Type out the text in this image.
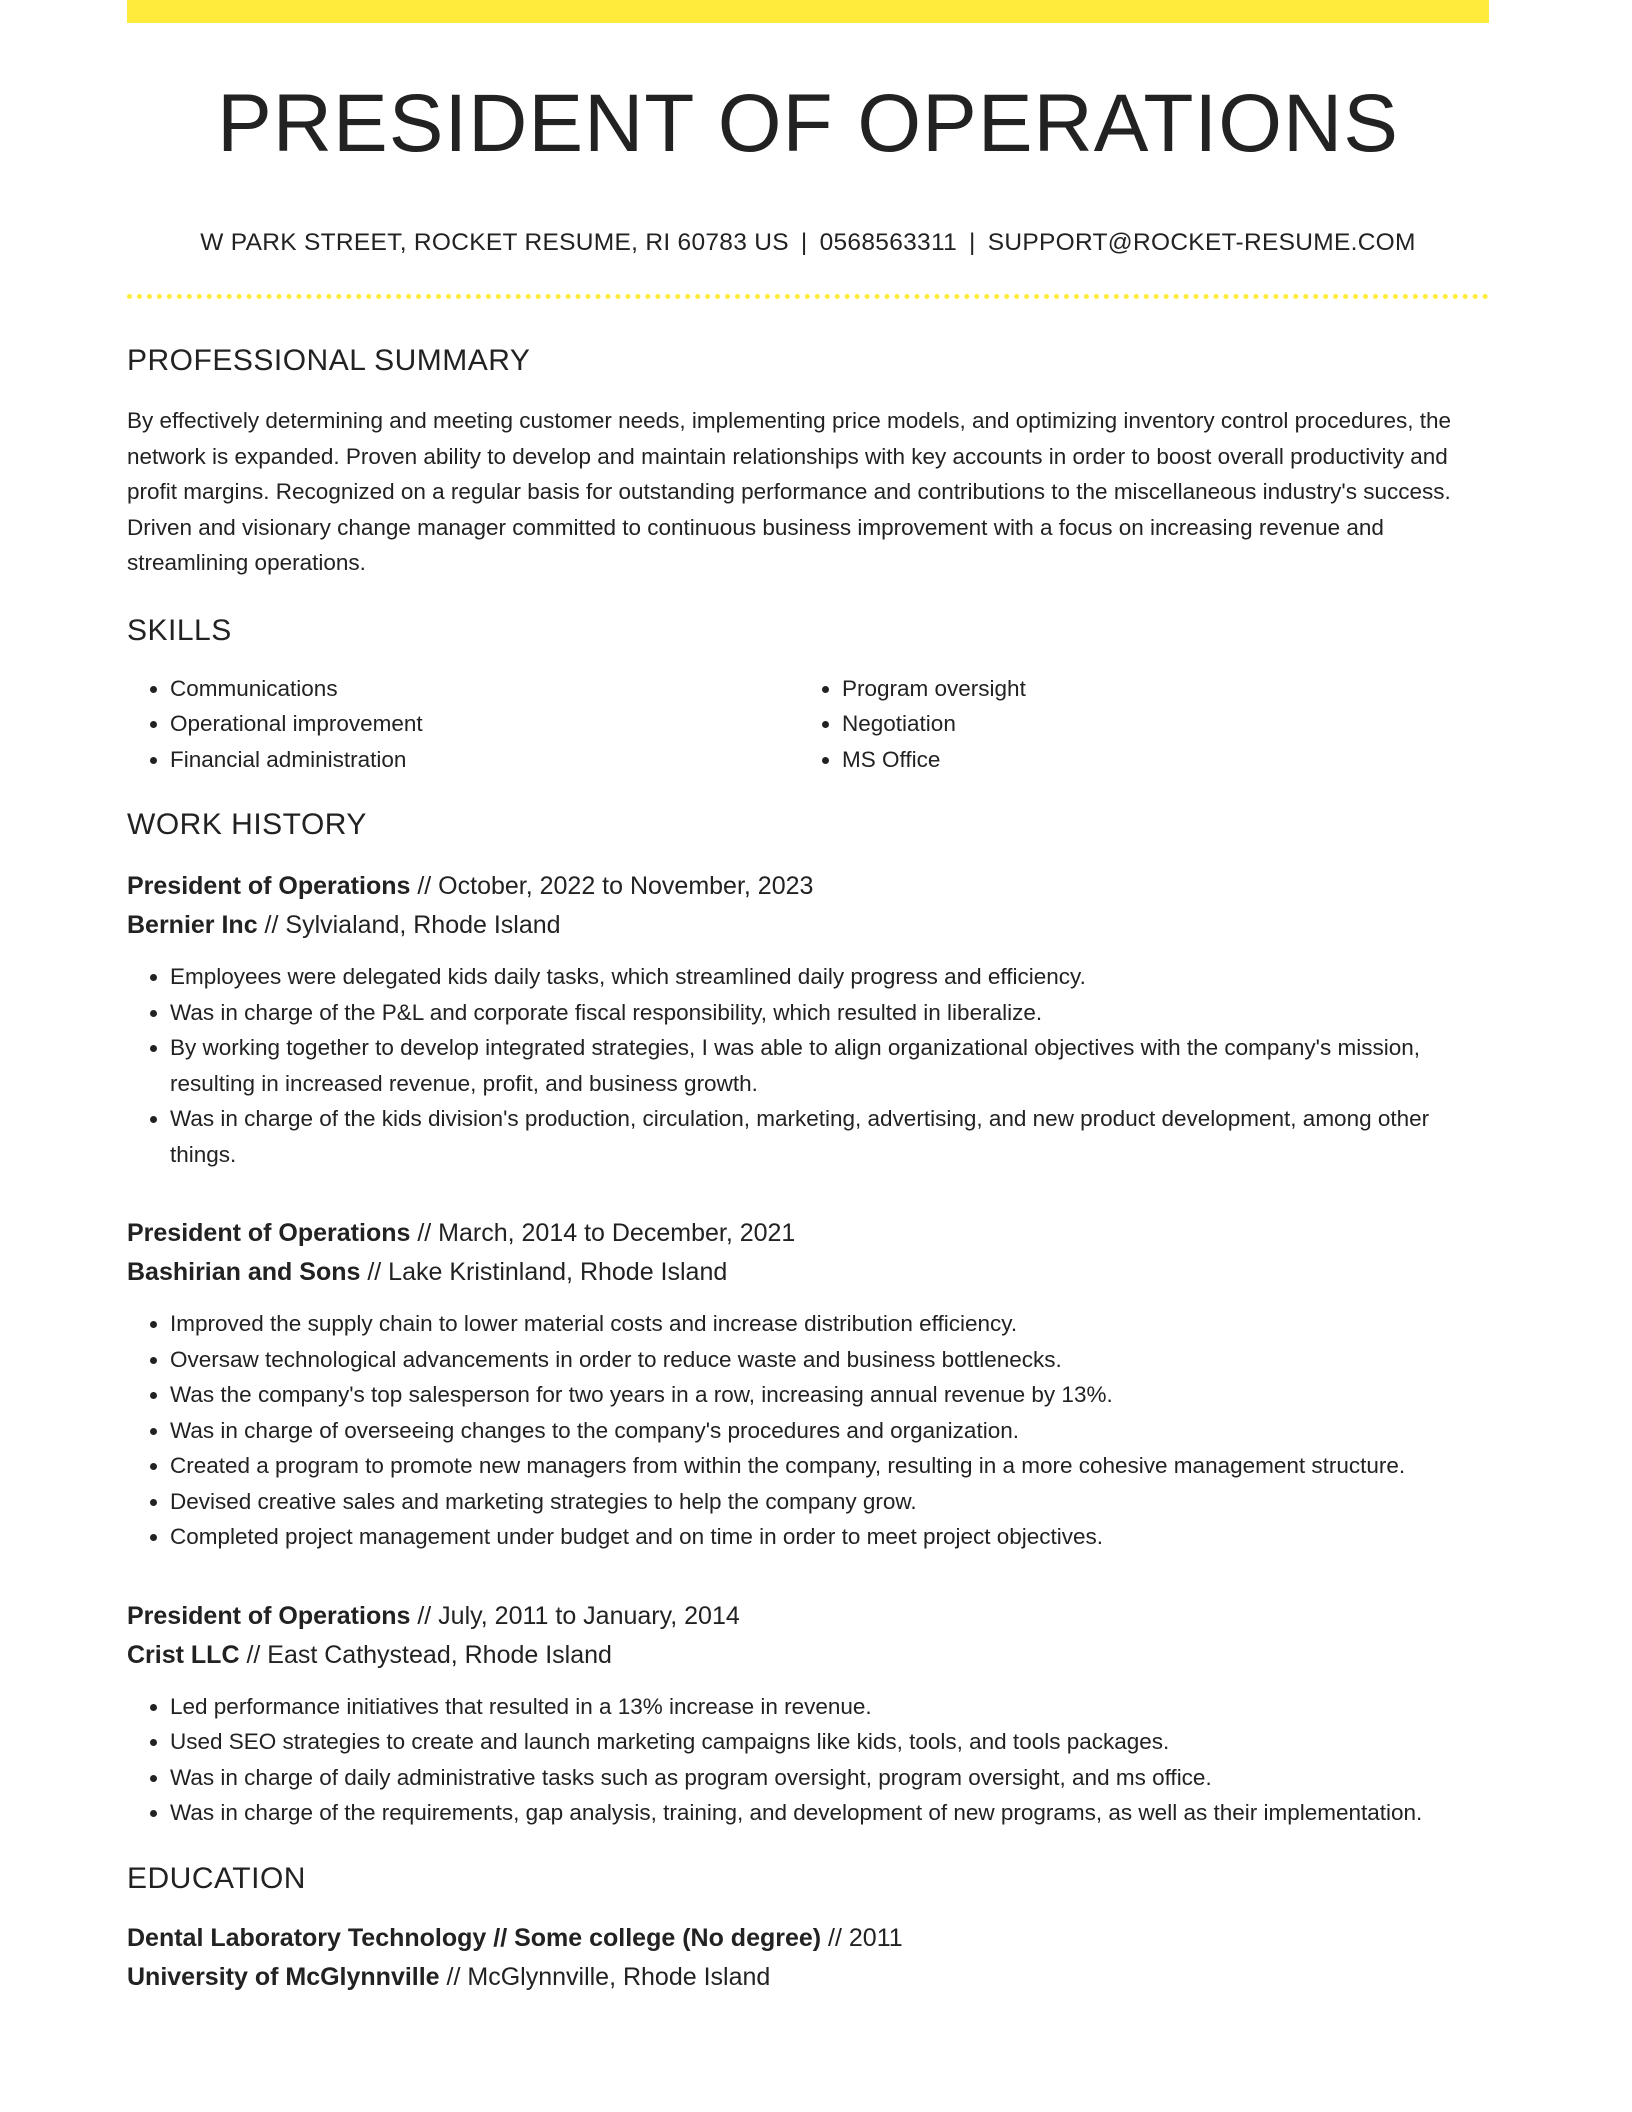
PRESIDENT OF OPERATIONS
W PARK STREET, ROCKET RESUME, RI 60783 US | 0568563311 | SUPPORT@ROCKET-RESUME.COM
PROFESSIONAL SUMMARY

By effectively determining and meeting customer needs, implementing price models, and optimizing inventory control procedures, the network is expanded. Proven ability to develop and maintain relationships with key accounts in order to boost overall productivity and profit margins. Recognized on a regular basis for outstanding performance and contributions to the miscellaneous industry's success. Driven and visionary change manager committed to continuous business improvement with a focus on increasing revenue and streamlining operations.

SKILLS
• Communications
• Operational improvement
• Financial administration
• Program oversight
• Negotiation
• MS Office
WORK HISTORY
President of Operations // October, 2022 to November, 2023
Bernier Inc // Sylvialand, Rhode Island
• Employees were delegated kids daily tasks, which streamlined daily progress and efficiency.
• Was in charge of the P&L and corporate fiscal responsibility, which resulted in liberalize.
• By working together to develop integrated strategies, I was able to align organizational objectives with the company's mission, resulting in increased revenue, profit, and business growth.
• Was in charge of the kids division's production, circulation, marketing, advertising, and new product development, among other things.
President of Operations // March, 2014 to December, 2021
Bashirian and Sons // Lake Kristinland, Rhode Island
• Improved the supply chain to lower material costs and increase distribution efficiency.
• Oversaw technological advancements in order to reduce waste and business bottlenecks.
• Was the company's top salesperson for two years in a row, increasing annual revenue by 13%.
• Was in charge of overseeing changes to the company's procedures and organization.
• Created a program to promote new managers from within the company, resulting in a more cohesive management structure.
• Devised creative sales and marketing strategies to help the company grow.
• Completed project management under budget and on time in order to meet project objectives.
President of Operations // July, 2011 to January, 2014
Crist LLC // East Cathystead, Rhode Island
• Led performance initiatives that resulted in a 13% increase in revenue.
• Used SEO strategies to create and launch marketing campaigns like kids, tools, and tools packages.
• Was in charge of daily administrative tasks such as program oversight, program oversight, and ms office.
• Was in charge of the requirements, gap analysis, training, and development of new programs, as well as their implementation.
EDUCATION
Dental Laboratory Technology // Some college (No degree) // 2011
University of McGlynnville // McGlynnville, Rhode Island
